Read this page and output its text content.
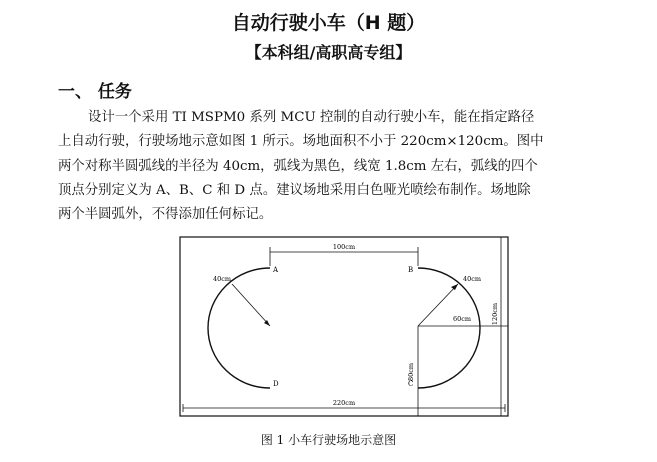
自动行驶小车（H 题）
【本科组/高职高专组】
一、 任务

设计一个采用 TI MSPM0 系列 MCU 控制的自动行驶小车，能在指定路径

上自动行驶，行驶场地示意如图 1 所示。场地面积不小于 220cm×120cm。图中

两个对称半圆弧线的半径为 40cm，弧线为黑色，线宽 1.8cm 左右，弧线的四个

顶点分别定义为 A、B、C 和 D 点。建议场地采用白色哑光喷绘布制作。场地除

两个半圆弧外，不得添加任何标记。

100cm
40cm	40cm
60cm
80cm
120cm
220cm
A	B
C
D
图 1 小车行驶场地示意图
